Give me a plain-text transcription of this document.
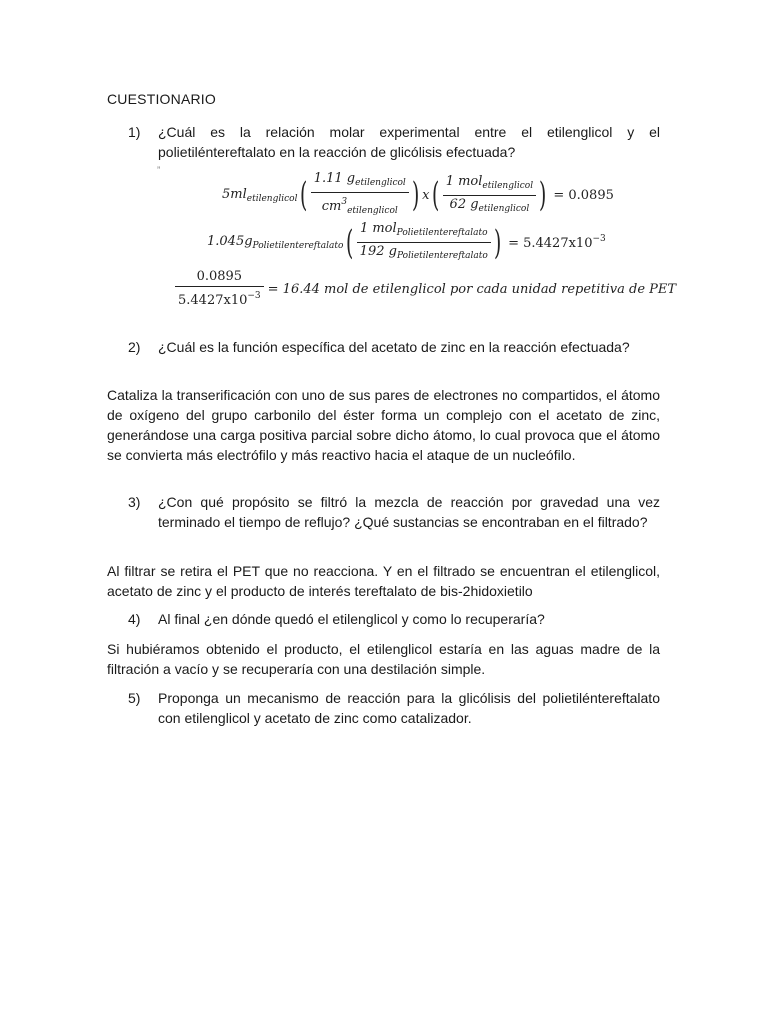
CUESTIONARIO
1)	¿Cuál es la relación molar experimental entre el etilenglicol y el polietiléntereftalato en la reacción de glicólisis efectuada?
ˮ
$5ml_{etilenglicol}$ ( $\frac{1.11 g_{etilenglicol}}{cm^3_{etilenglicol}}$ ) x ( $\frac{1 mol_{etilenglicol}}{62 g_{etilenglicol}}$ ) = 0.0895
$1.045g_{Polietilentereftalato}$ ( $\frac{1 mol_{Polietilentereftalato}}{192 g_{Polietilentereftalato}}$ ) = $5.4427x10^{-3}$
$\frac{0.0895}{5.4427x10^{-3}} = 16.44$ mol de etilenglicol por cada unidad repetitiva de PET
2)	¿Cuál es la función específica del acetato de zinc en la reacción efectuada?
Cataliza la transerificación con uno de sus pares de electrones no compartidos, el átomo de oxígeno del grupo carbonilo del éster forma un complejo con el acetato de zinc, generándose una carga positiva parcial sobre dicho átomo, lo cual provoca que el átomo se convierta más electrófilo y más reactivo hacia el ataque de un nucleófilo.
3)	¿Con qué propósito se filtró la mezcla de reacción por gravedad una vez terminado el tiempo de reflujo? ¿Qué sustancias se encontraban en el filtrado?
Al filtrar se retira el PET que no reacciona. Y en el filtrado se encuentran el etilenglicol, acetato de zinc y el producto de interés tereftalato de bis-2hidoxietilo
4)	Al final ¿en dónde quedó el etilenglicol y como lo recuperaría?
Si hubiéramos obtenido el producto, el etilenglicol estaría en las aguas madre de la filtración a vacío y se recuperaría con una destilación simple.
5)	Proponga un mecanismo de reacción para la glicólisis del polietiléntereftalato con etilenglicol y acetato de zinc como catalizador.
